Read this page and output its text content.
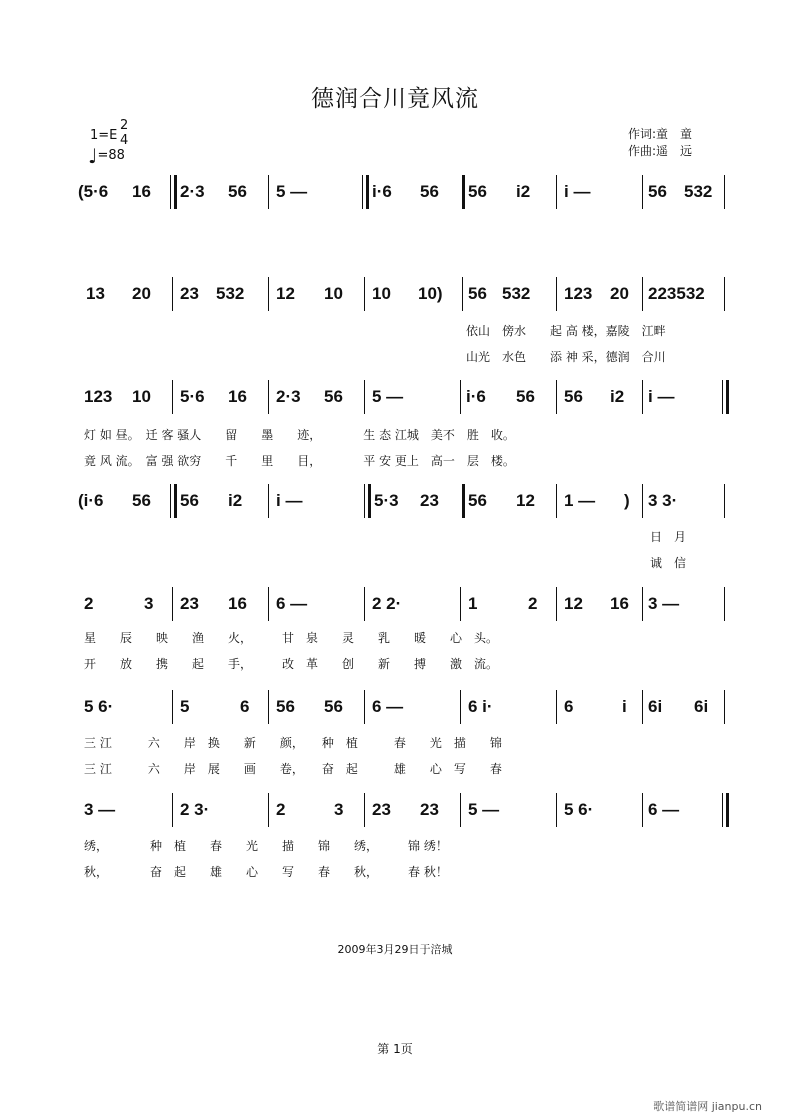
德润合川竟风流
1=E
2
4
♩=88
作词:童　童
作曲:遥　远
(5·6 16 2·3 56 5 —	i·6 56 56 i2 i —	56 532
13 20 23 532 12 10 10 10) 56 532 123 20 223532
依山　傍水　　起 高 楼，嘉陵　江畔
山光　水色　　添 神 采，德润　合川
123 10 5·6 16 2·3 56 5 —	i·6 56 56 i2 i —
灯 如 昼。　迁 客 骚人　　留　　墨　　迹，　　　　生 态 江城　美不　胜　收。
竟 风 流。　富 强 欲穷　　千　　里　　目，　　　　平 安 更上　高一　层　楼。
(i·6 56 56 i2 i —	5·3 23 56 12 1 — ) 3 3·
日　月
诚　信
2	3 23 16 6 —	2 2·	1	2 12 16 3 —
星　　辰　　映　　渔　　火，　　　甘　泉　　灵　　乳　　暖　　心　头。
开　　放　　携　　起　　手，　　　改　革　　创　　新　　搏　　激　流。
5 6·	5	6 56 56 6 —	6 i·	6	i 6i 6i
三 江　　　六　　岸　换　　新　　颜，　　种　植　　　春　　光　描　　锦
三 江　　　六　　岸　展　　画　　卷，　　奋　起　　　雄　　心　写　　春
3 —	2 3·	2	3 23 23 5 —	5 6·	6 —
绣，　　　　种　植　　春　　光　　描　　锦　　绣，　　　锦 绣！
秋，　　　　奋　起　　雄　　心　　写　　春　　秋，　　　春 秋！
2009年3月29日于涪城
第 1页
歌谱简谱网 jianpu.cn
